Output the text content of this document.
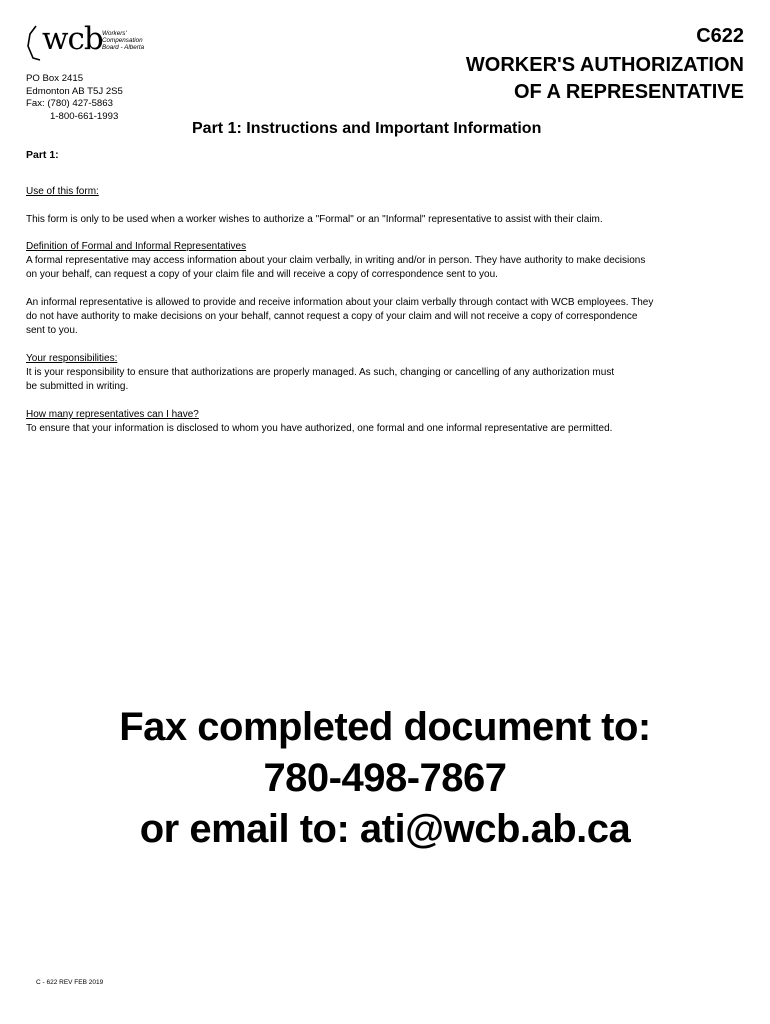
wcb Workers'
Compensation
Board - Alberta
PO Box 2415
Edmonton AB T5J 2S5
Fax: (780) 427-5863
1-800-661-1993
C622
WORKER'S AUTHORIZATION
OF A REPRESENTATIVE
Part 1: Instructions and Important Information
Part 1:

Use of this form:

This form is only to be used when a worker wishes to authorize a "Formal" or an "Informal" representative to assist with their claim.

Definition of Formal and Informal Representatives

A formal representative may access information about your claim verbally, in writing and/or in person. They have authority to make decisions

on your behalf, can request a copy of your claim file and will receive a copy of correspondence sent to you.

An informal representative is allowed to provide and receive information about your claim verbally through contact with WCB employees. They

do not have authority to make decisions on your behalf, cannot request a copy of your claim and will not receive a copy of correspondence

sent to you.

Your responsibilities:

It is your responsibility to ensure that authorizations are properly managed. As such, changing or cancelling of any authorization must

be submitted in writing.

How many representatives can I have?

To ensure that your information is disclosed to whom you have authorized, one formal and one informal representative are permitted.

Fax completed document to:
780-498-7867
or email to: ati@wcb.ab.ca
C - 622 REV FEB 2019
